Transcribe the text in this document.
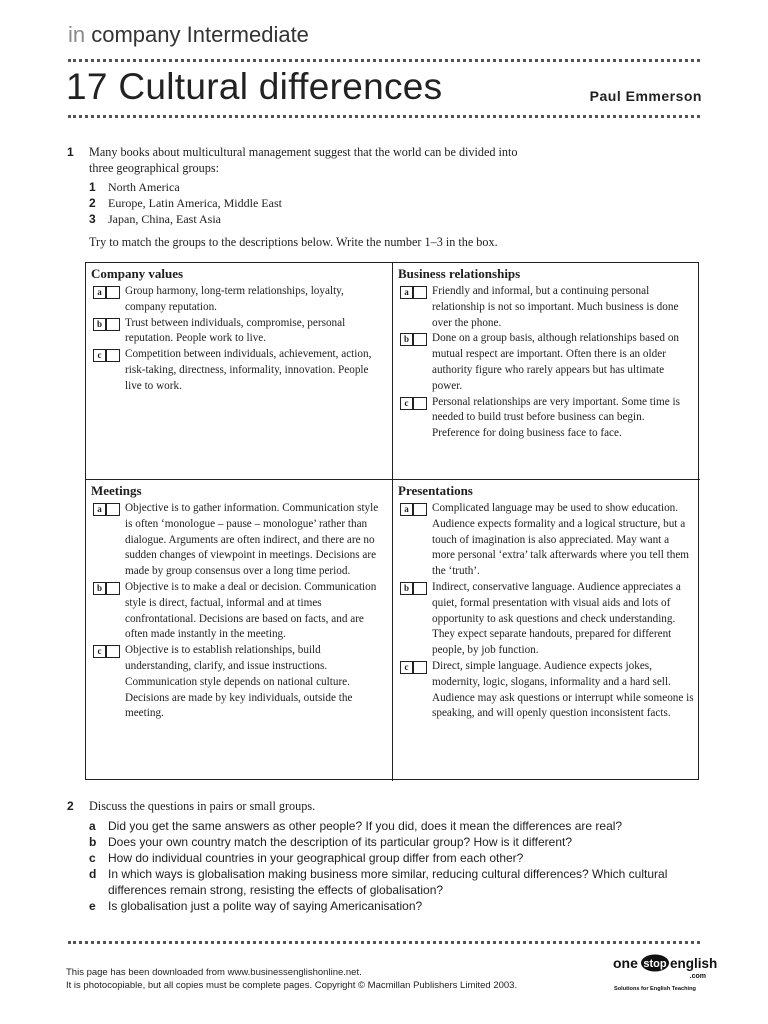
in company Intermediate
17 Cultural differences	Paul Emmerson
1 Many books about multicultural management suggest that the world can be divided into
three geographical groups:
1 North America
2 Europe, Latin America, Middle East
3 Japan, China, East Asia
Try to match the groups to the descriptions below. Write the number 1–3 in the box.
Company values
a	Group harmony, long-term relationships, loyalty, company reputation.
b	Trust between individuals, compromise, personal reputation. People work to live.
c	Competition between individuals, achievement, action, risk-taking, directness, informality, innovation. People live to work.
Business relationships
a	Friendly and informal, but a continuing personal relationship is not so important. Much business is done over the phone.
b	Done on a group basis, although relationships based on mutual respect are important. Often there is an older authority figure who rarely appears but has ultimate power.
c	Personal relationships are very important. Some time is needed to build trust before business can begin. Preference for doing business face to face.
Meetings
a	Objective is to gather information. Communication style is often ‘monologue – pause – monologue’ rather than dialogue. Arguments are often indirect, and there are no sudden changes of viewpoint in meetings. Decisions are made by group consensus over a long time period.
b	Objective is to make a deal or decision. Communication style is direct, factual, informal and at times confrontational. Decisions are based on facts, and are often made instantly in the meeting.
c	Objective is to establish relationships, build understanding, clarify, and issue instructions. Communication style depends on national culture. Decisions are made by key individuals, outside the meeting.
Presentations
a	Complicated language may be used to show education. Audience expects formality and a logical structure, but a touch of imagination is also appreciated. May want a more personal ‘extra’ talk afterwards where you tell them the ‘truth’.
b	Indirect, conservative language. Audience appreciates a quiet, formal presentation with visual aids and lots of opportunity to ask questions and check understanding. They expect separate handouts, prepared for different people, by job function.
c	Direct, simple language. Audience expects jokes, modernity, logic, slogans, informality and a hard sell. Audience may ask questions or interrupt while someone is speaking, and will openly question inconsistent facts.
2 Discuss the questions in pairs or small groups.
a	Did you get the same answers as other people? If you did, does it mean the differences are real?
b Does your own country match the description of its particular group? How is it different?
c	How do individual countries in your geographical group differ from each other?
d In which ways is globalisation making business more similar, reducing cultural differences? Which cultural differences remain strong, resisting the effects of globalisation?
e	Is globalisation just a polite way of saying Americanisation?
This page has been downloaded from www.businessenglishonline.net.
It is photocopiable, but all copies must be complete pages. Copyright © Macmillan Publishers Limited 2003.
one stop english
.com
Solutions for English Teaching
